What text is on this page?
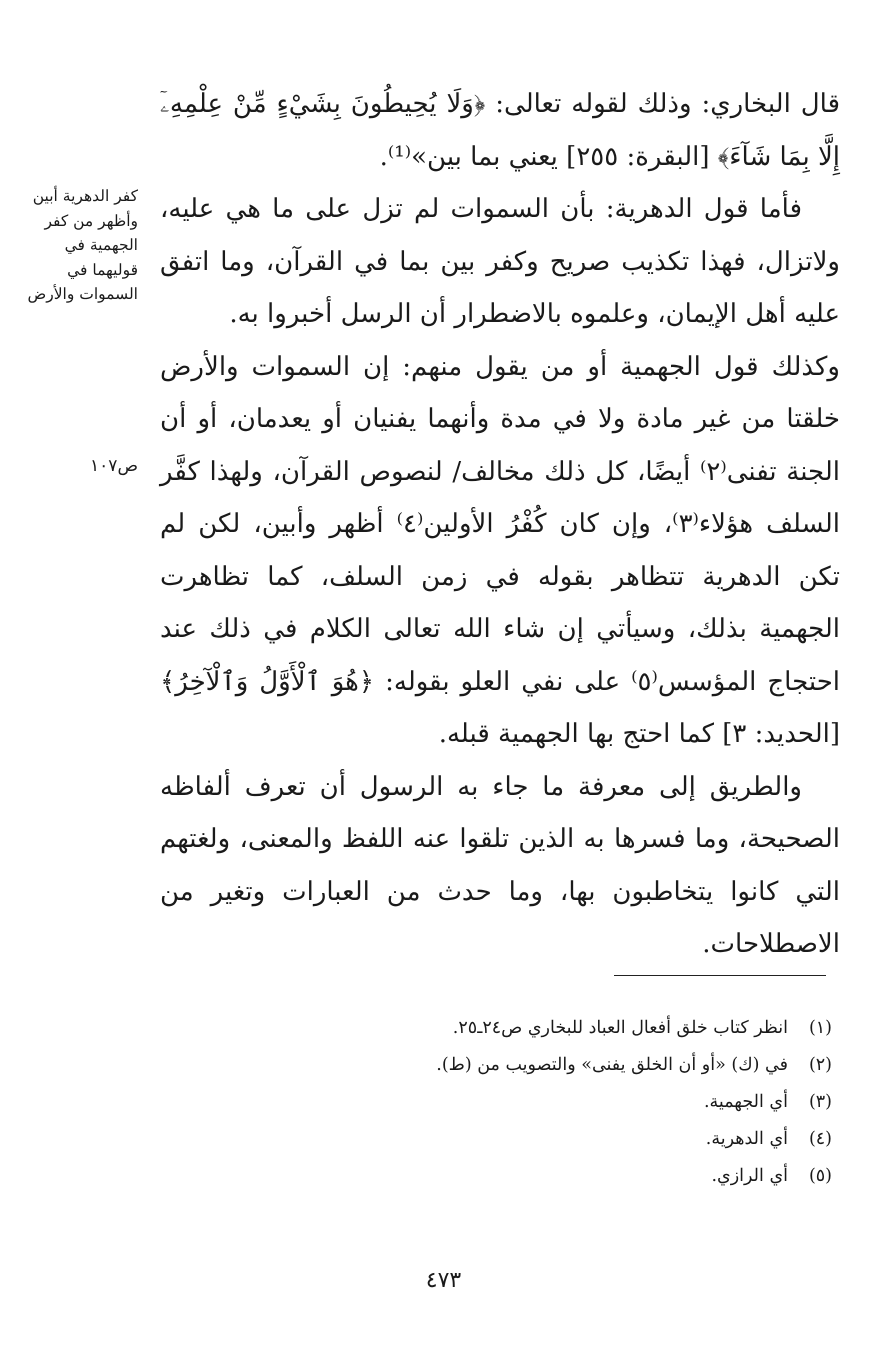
كفر الدهرية أبين وأظهر من كفر الجهمية في قوليهما في السموات والأرض
ص١٠٧

قال البخاري: وذلك لقوله تعالى: ﴿وَلَا يُحِيطُونَ بِشَيْءٍ مِّنْ عِلْمِهِۦٓ إِلَّا بِمَا شَآءَ﴾ [البقرة: ٢٥٥] يعني بما بين»⁽¹⁾.

فأما قول الدهرية: بأن السموات لم تزل على ما هي عليه، ولاتزال، فهذا تكذيب صريح وكفر بين بما في القرآن، وما اتفق عليه أهل الإيمان، وعلموه بالاضطرار أن الرسل أخبروا به.

وكذلك قول الجهمية أو من يقول منهم: إن السموات والأرض خلقتا من غير مادة ولا في مدة وأنهما يفنيان أو يعدمان، أو أن الجنة تفنى⁽٢⁾ أيضًا، كل ذلك مخالف/ لنصوص القرآن، ولهذا كفَّر السلف هؤلاء⁽٣⁾، وإن كان كُفْرُ الأولين⁽٤⁾ أظهر وأبين، لكن لم تكن الدهرية تتظاهر بقوله في زمن السلف، كما تظاهرت الجهمية بذلك، وسيأتي إن شاء الله تعالى الكلام في ذلك عند احتجاج المؤسس⁽٥⁾ على نفي العلو بقوله: ﴿هُوَ ٱلْأَوَّلُ وَٱلْآخِرُ﴾ [الحديد: ٣] كما احتج بها الجهمية قبله.

والطريق إلى معرفة ما جاء به الرسول أن تعرف ألفاظه الصحيحة، وما فسرها به الذين تلقوا عنه اللفظ والمعنى، ولغتهم التي كانوا يتخاطبون بها، وما حدث من العبارات وتغير من الاصطلاحات.

(١)
انظر كتاب خلق أفعال العباد للبخاري ص٢٤ـ٢٥.
(٢)
في (ك) «أو أن الخلق يفنى» والتصويب من (ط).
(٣)
أي الجهمية.
(٤)
أي الدهرية.
(٥)
أي الرازي.
٤٧٣
